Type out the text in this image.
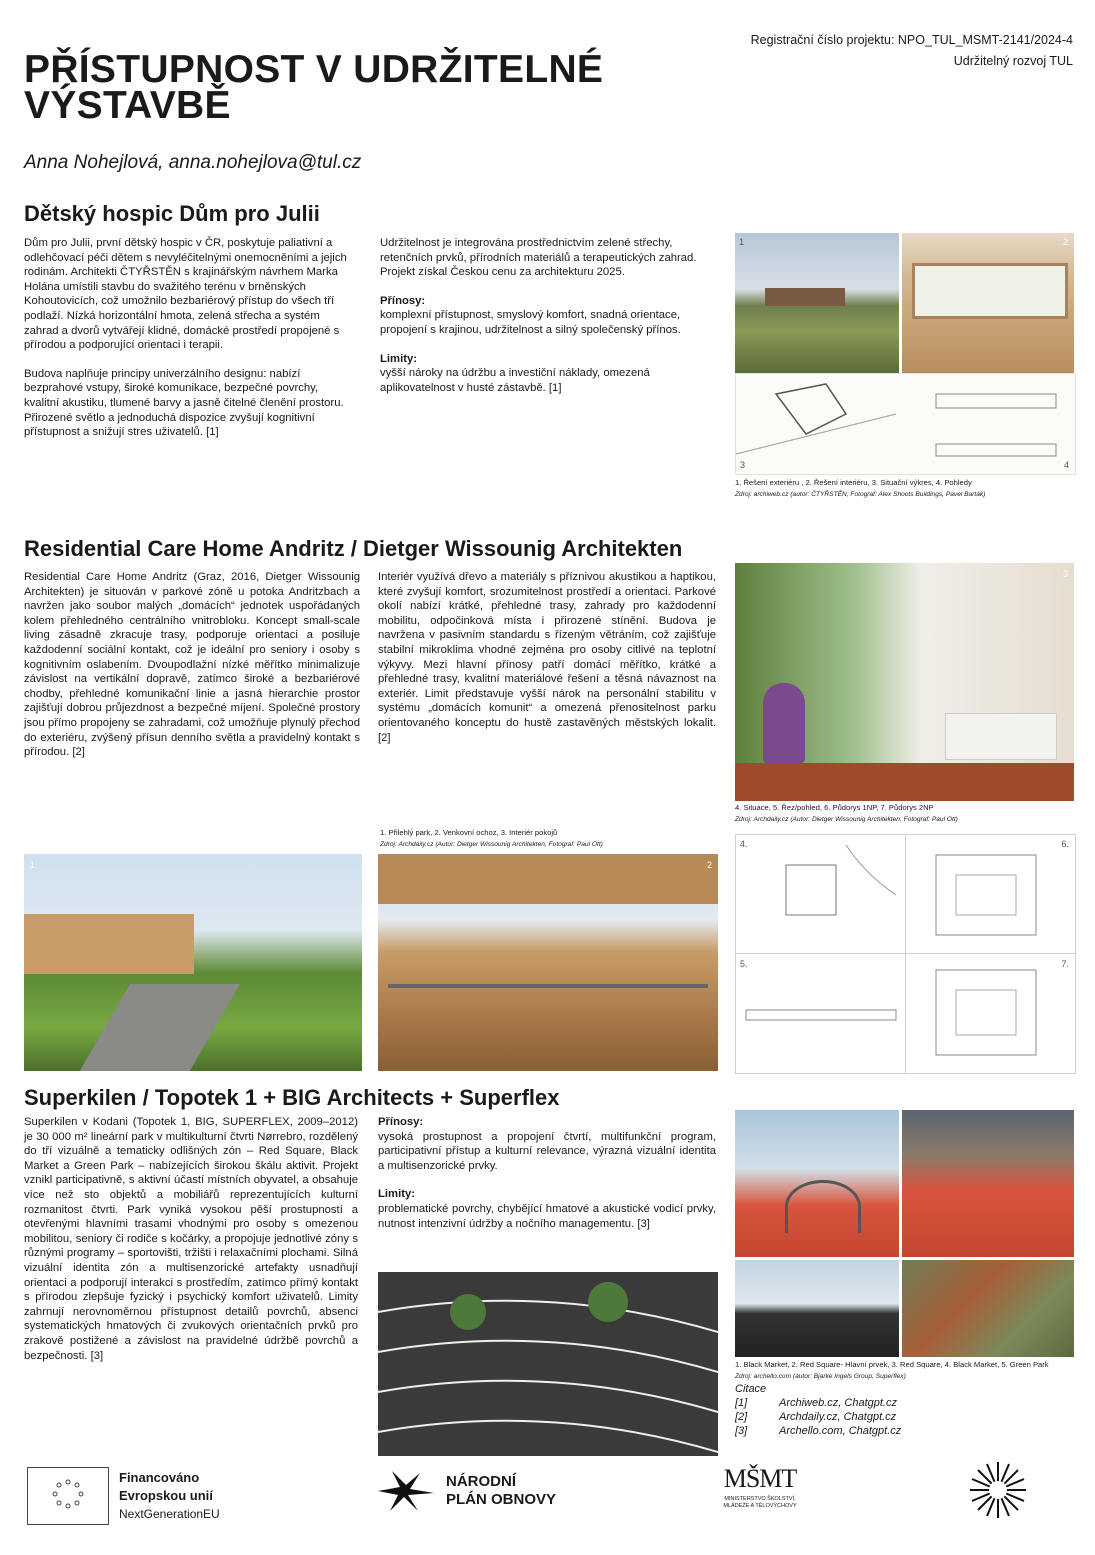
Registrační číslo projektu: NPO_TUL_MSMT-2141/2024-4
Udržitelný rozvoj TUL
PŘÍSTUPNOST V UDRŽITELNÉ VÝSTAVBĚ
Anna Nohejlová, anna.nohejlova@tul.cz
Dětský hospic Dům pro Julii

Dům pro Julii, první dětský hospic v ČR, poskytuje paliativní a odlehčovací péči dětem s nevyléčitelnými onemocněními a jejich rodinám. Architekti ČTYŘSTĚN s krajinářským návrhem Marka Holána umístili stavbu do svažitého terénu v brněnských Kohoutovicích, což umožnilo bezbariérový přístup do všech tří podlaží. Nízká horizontální hmota, zelená střecha a systém zahrad a dvorů vytvářejí klidné, domácké prostředí propojené s přírodou a podporující orientaci i terapii.

Budova naplňuje principy univerzálního designu: nabízí bezprahové vstupy, široké komunikace, bezpečné povrchy, kvalitní akustiku, tlumené barvy a jasně čitelné členění prostoru. Přirozené světlo a jednoduchá dispozice zvyšují kognitivní přístupnost a snižují stres uživatelů. [1]

Udržitelnost je integrována prostřednictvím zelené střechy, retenčních prvků, přírodních materiálů a terapeutických zahrad.

Projekt získal Českou cenu za architekturu 2025.

Přínosy:

komplexní přístupnost, smyslový komfort, snadná orientace, propojení s krajinou, udržitelnost a silný společenský přínos.

Limity:

vyšší nároky na údržbu a investiční náklady, omezená aplikovatelnost v husté zástavbě. [1]

1	2
3	4
1. Řešení exteriéru , 2. Řešení interiéru, 3. Situační výkres, 4. Pohledy
Zdroj: archiweb.cz (autor: ČTYŘSTĚN, Fotograf: Alex Shoots Buildings, Pavel Barták)
Residential Care Home Andritz / Dietger Wissounig Architekten

Residential Care Home Andritz (Graz, 2016, Dietger Wissounig Architekten) je situován v parkové zóně u potoka Andritzbach a navržen jako soubor malých „domácích“ jednotek uspořádaných kolem přehledného centrálního vnitrobloku. Koncept small-scale living zásadně zkracuje trasy, podporuje orientaci a posiluje každodenní sociální kontakt, což je ideální pro seniory i osoby s kognitivním oslabením. Dvoupodlažní nízké měřítko minimalizuje závislost na vertikální dopravě, zatímco široké a bezbariérové chodby, přehledné komunikační linie a jasná hierarchie prostor zajišťují dobrou průjezdnost a bezpečné míjení. Společné prostory jsou přímo propojeny se zahradami, což umožňuje plynulý přechod do exteriéru, zvýšený přísun denního světla a pravidelný kontakt s přírodou. [2]

Interiér využívá dřevo a materiály s příznivou akustikou a haptikou, které zvyšují komfort, srozumitelnost prostředí a orientaci. Parkové okolí nabízí krátké, přehledné trasy, zahrady pro každodenní mobilitu, odpočinková místa i přirozené stínění. Budova je navržena v pasivním standardu s řízeným větráním, což zajišťuje stabilní mikroklima vhodné zejména pro osoby citlivé na teplotní výkyvy. Mezi hlavní přínosy patří domácí měřítko, krátké a přehledné trasy, kvalitní materiálové řešení a těsná návaznost na exteriér. Limit představuje vyšší nárok na personální stabilitu v systému „domácích komunit“ a omezená přenositelnost parku orientovaného konceptu do hustě zastavěných městských lokalit. [2]

1. Přilehlý park, 2. Venkovní ochoz, 3. Interiér pokojů
Zdroj: Archdaily.cz (Autor: Dietger Wissounig Architekten, Fotograf: Paul Ott)
1	2
3
4. Situace, 5. Řez/pohled, 6. Půdorys 1NP, 7. Půdorys 2NP
Zdroj: Archdaily.cz (Autor: Dietger Wissounig Architekten, Fotograf: Paul Ott)
4.	6.
5.	7.
Superkilen / Topotek 1 + BIG Architects + Superflex

Superkilen v Kodani (Topotek 1, BIG, SUPERFLEX, 2009–2012) je 30 000 m² lineární park v multikulturní čtvrti Nørrebro, rozdělený do tří vizuálně a tematicky odlišných zón – Red Square, Black Market a Green Park – nabízejících širokou škálu aktivit. Projekt vznikl participativně, s aktivní účastí místních obyvatel, a obsahuje více než sto objektů a mobiliářů reprezentujících kulturní rozmanitost čtvrti. Park vyniká vysokou pěší prostupností a otevřenými hlavními trasami vhodnými pro osoby s omezenou mobilitou, seniory či rodiče s kočárky, a propojuje jednotlivé zóny s různými programy – sportovišti, tržišti i relaxačními plochami. Silná vizuální identita zón a multisenzorické artefakty usnadňují orientaci a podporují interakci s prostředím, zatímco přímý kontakt s přírodou zlepšuje fyzický i psychický komfort uživatelů. Limity zahrnují nerovnoměrnou přístupnost detailů povrchů, absenci systematických hmatových či zvukových orientačních prvků pro zrakově postižené a závislost na pravidelné údržbě povrchů a bezpečnosti. [3]

Přínosy:

vysoká prostupnost a propojení čtvrtí, multifunkční program, participativní přístup a kulturní relevance, výrazná vizuální identita a multisenzorické prvky.

Limity:

problematické povrchy, chybějící hmatové a akustické vodicí prvky, nutnost intenzivní údržby a nočního managementu. [3]

1. Black Market, 2. Red Square- Hlavní prvek, 3. Red Square, 4. Black Market, 5. Green Park
Zdroj: archello.com (autor: Bjarke Ingels Group, Superflex)
Citace
[1]	Archiweb.cz, Chatgpt.cz
[2]	Archdaily.cz, Chatgpt.cz
[3]	Archello.com, Chatgpt.cz
Financováno
Evropskou unií
NextGenerationEU
NÁRODNÍ
PLÁN OBNOVY
MŠMT
MINISTERSTVO ŠKOLSTVÍ,
MLÁDEŽE A TĚLOVÝCHOVY
